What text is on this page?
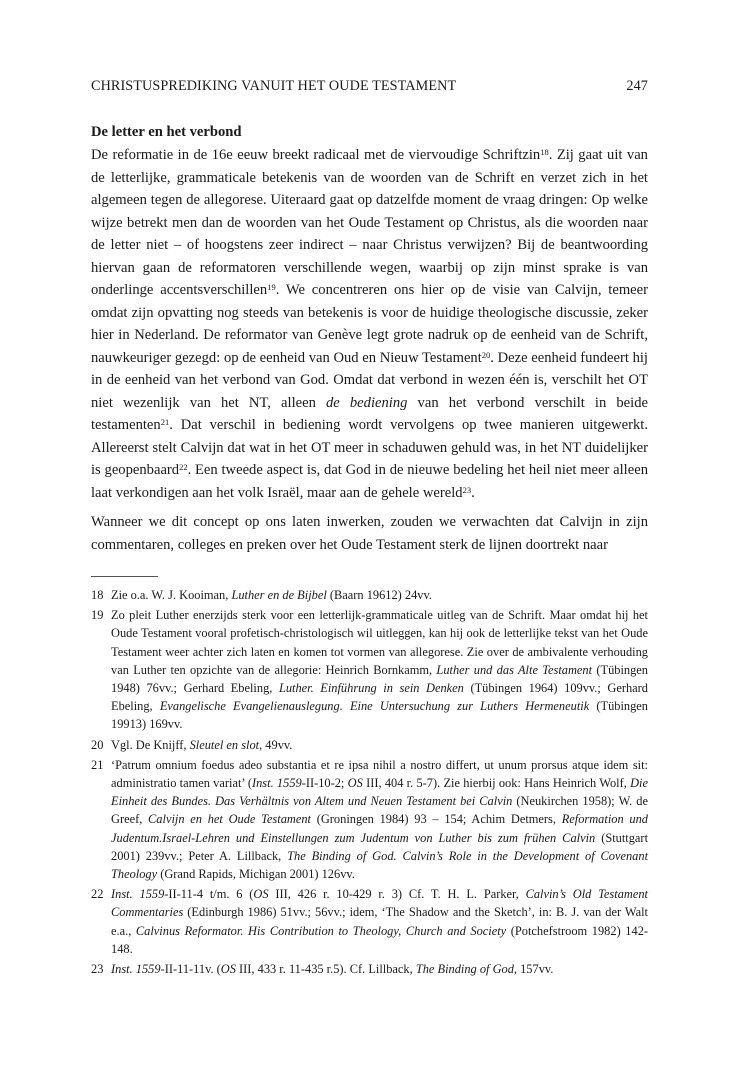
CHRISTUSPREDIKING VANUIT HET OUDE TESTAMENT	247
De letter en het verbond

De reformatie in de 16e eeuw breekt radicaal met de viervoudige Schriftzin$^{18}$. Zij gaat uit van de letterlijke, grammaticale betekenis van de woorden van de Schrift en verzet zich in het algemeen tegen de allegorese. Uiteraard gaat op datzelfde moment de vraag dringen: Op welke wijze betrekt men dan de woorden van het Oude Testament op Christus, als die woorden naar de letter niet – of hoogstens zeer indirect – naar Christus verwijzen? Bij de beantwoording hiervan gaan de reformatoren verschillende wegen, waarbij op zijn minst sprake is van onderlinge accentsverschillen$^{19}$. We concentreren ons hier op de visie van Calvijn, temeer omdat zijn opvatting nog steeds van betekenis is voor de huidige theologische discussie, zeker hier in Nederland. De reformator van Genève legt grote nadruk op de eenheid van de Schrift, nauwkeuriger gezegd: op de eenheid van Oud en Nieuw Testament$^{20}$. Deze eenheid fundeert hij in de eenheid van het verbond van God. Omdat dat verbond in wezen één is, verschilt het OT niet wezenlijk van het NT, alleen de bediening van het verbond verschilt in beide testamenten$^{21}$. Dat verschil in bediening wordt vervolgens op twee manieren uitgewerkt. Allereerst stelt Calvijn dat wat in het OT meer in schaduwen gehuld was, in het NT duidelijker is geopenbaard$^{22}$. Een tweede aspect is, dat God in de nieuwe bedeling het heil niet meer alleen laat verkondigen aan het volk Israël, maar aan de gehele wereld$^{23}$.

Wanneer we dit concept op ons laten inwerken, zouden we verwachten dat Calvijn in zijn commentaren, colleges en preken over het Oude Testament sterk de lijnen doortrekt naar

18 Zie o.a. W. J. Kooiman, Luther en de Bijbel (Baarn 19612) 24vv.

19 Zo pleit Luther enerzijds sterk voor een letterlijk-grammaticale uitleg van de Schrift. Maar omdat hij het Oude Testament vooral profetisch-christologisch wil uitleggen, kan hij ook de letterlijke tekst van het Oude Testament weer achter zich laten en komen tot vormen van allegorese. Zie over de ambivalente verhouding van Luther ten opzichte van de allegorie: Heinrich Bornkamm, Luther und das Alte Testament (Tübingen 1948) 76vv.; Gerhard Ebeling, Luther. Einführung in sein Denken (Tübingen 1964) 109vv.; Gerhard Ebeling, Evangelische Evangelienauslegung. Eine Untersuchung zur Luthers Hermeneutik (Tübingen 19913) 169vv.

20 Vgl. De Knijff, Sleutel en slot, 49vv.

21 ‘Patrum omnium foedus adeo substantia et re ipsa nihil a nostro differt, ut unum prorsus atque idem sit: administratio tamen variat’ (Inst. 1559-II-10-2; OS III, 404 r. 5-7). Zie hierbij ook: Hans Heinrich Wolf, Die Einheit des Bundes. Das Verhältnis von Altem und Neuen Testament bei Calvin (Neukirchen 1958); W. de Greef, Calvijn en het Oude Testament (Groningen 1984) 93 – 154; Achim Detmers, Reformation und Judentum.Israel-Lehren und Einstellungen zum Judentum von Luther bis zum frühen Calvin (Stuttgart 2001) 239vv.; Peter A. Lillback, The Binding of God. Calvin’s Role in the Development of Covenant Theology (Grand Rapids, Michigan 2001) 126vv.

22 Inst. 1559-II-11-4 t/m. 6 (OS III, 426 r. 10-429 r. 3) Cf. T. H. L. Parker, Calvin’s Old Testament Commentaries (Edinburgh 1986) 51vv.; 56vv.; idem, ‘The Shadow and the Sketch’, in: B. J. van der Walt e.a., Calvinus Reformator. His Contribution to Theology, Church and Society (Potchefstroom 1982) 142-148.

23 Inst. 1559-II-11-11v. (OS III, 433 r. 11-435 r.5). Cf. Lillback, The Binding of God, 157vv.
